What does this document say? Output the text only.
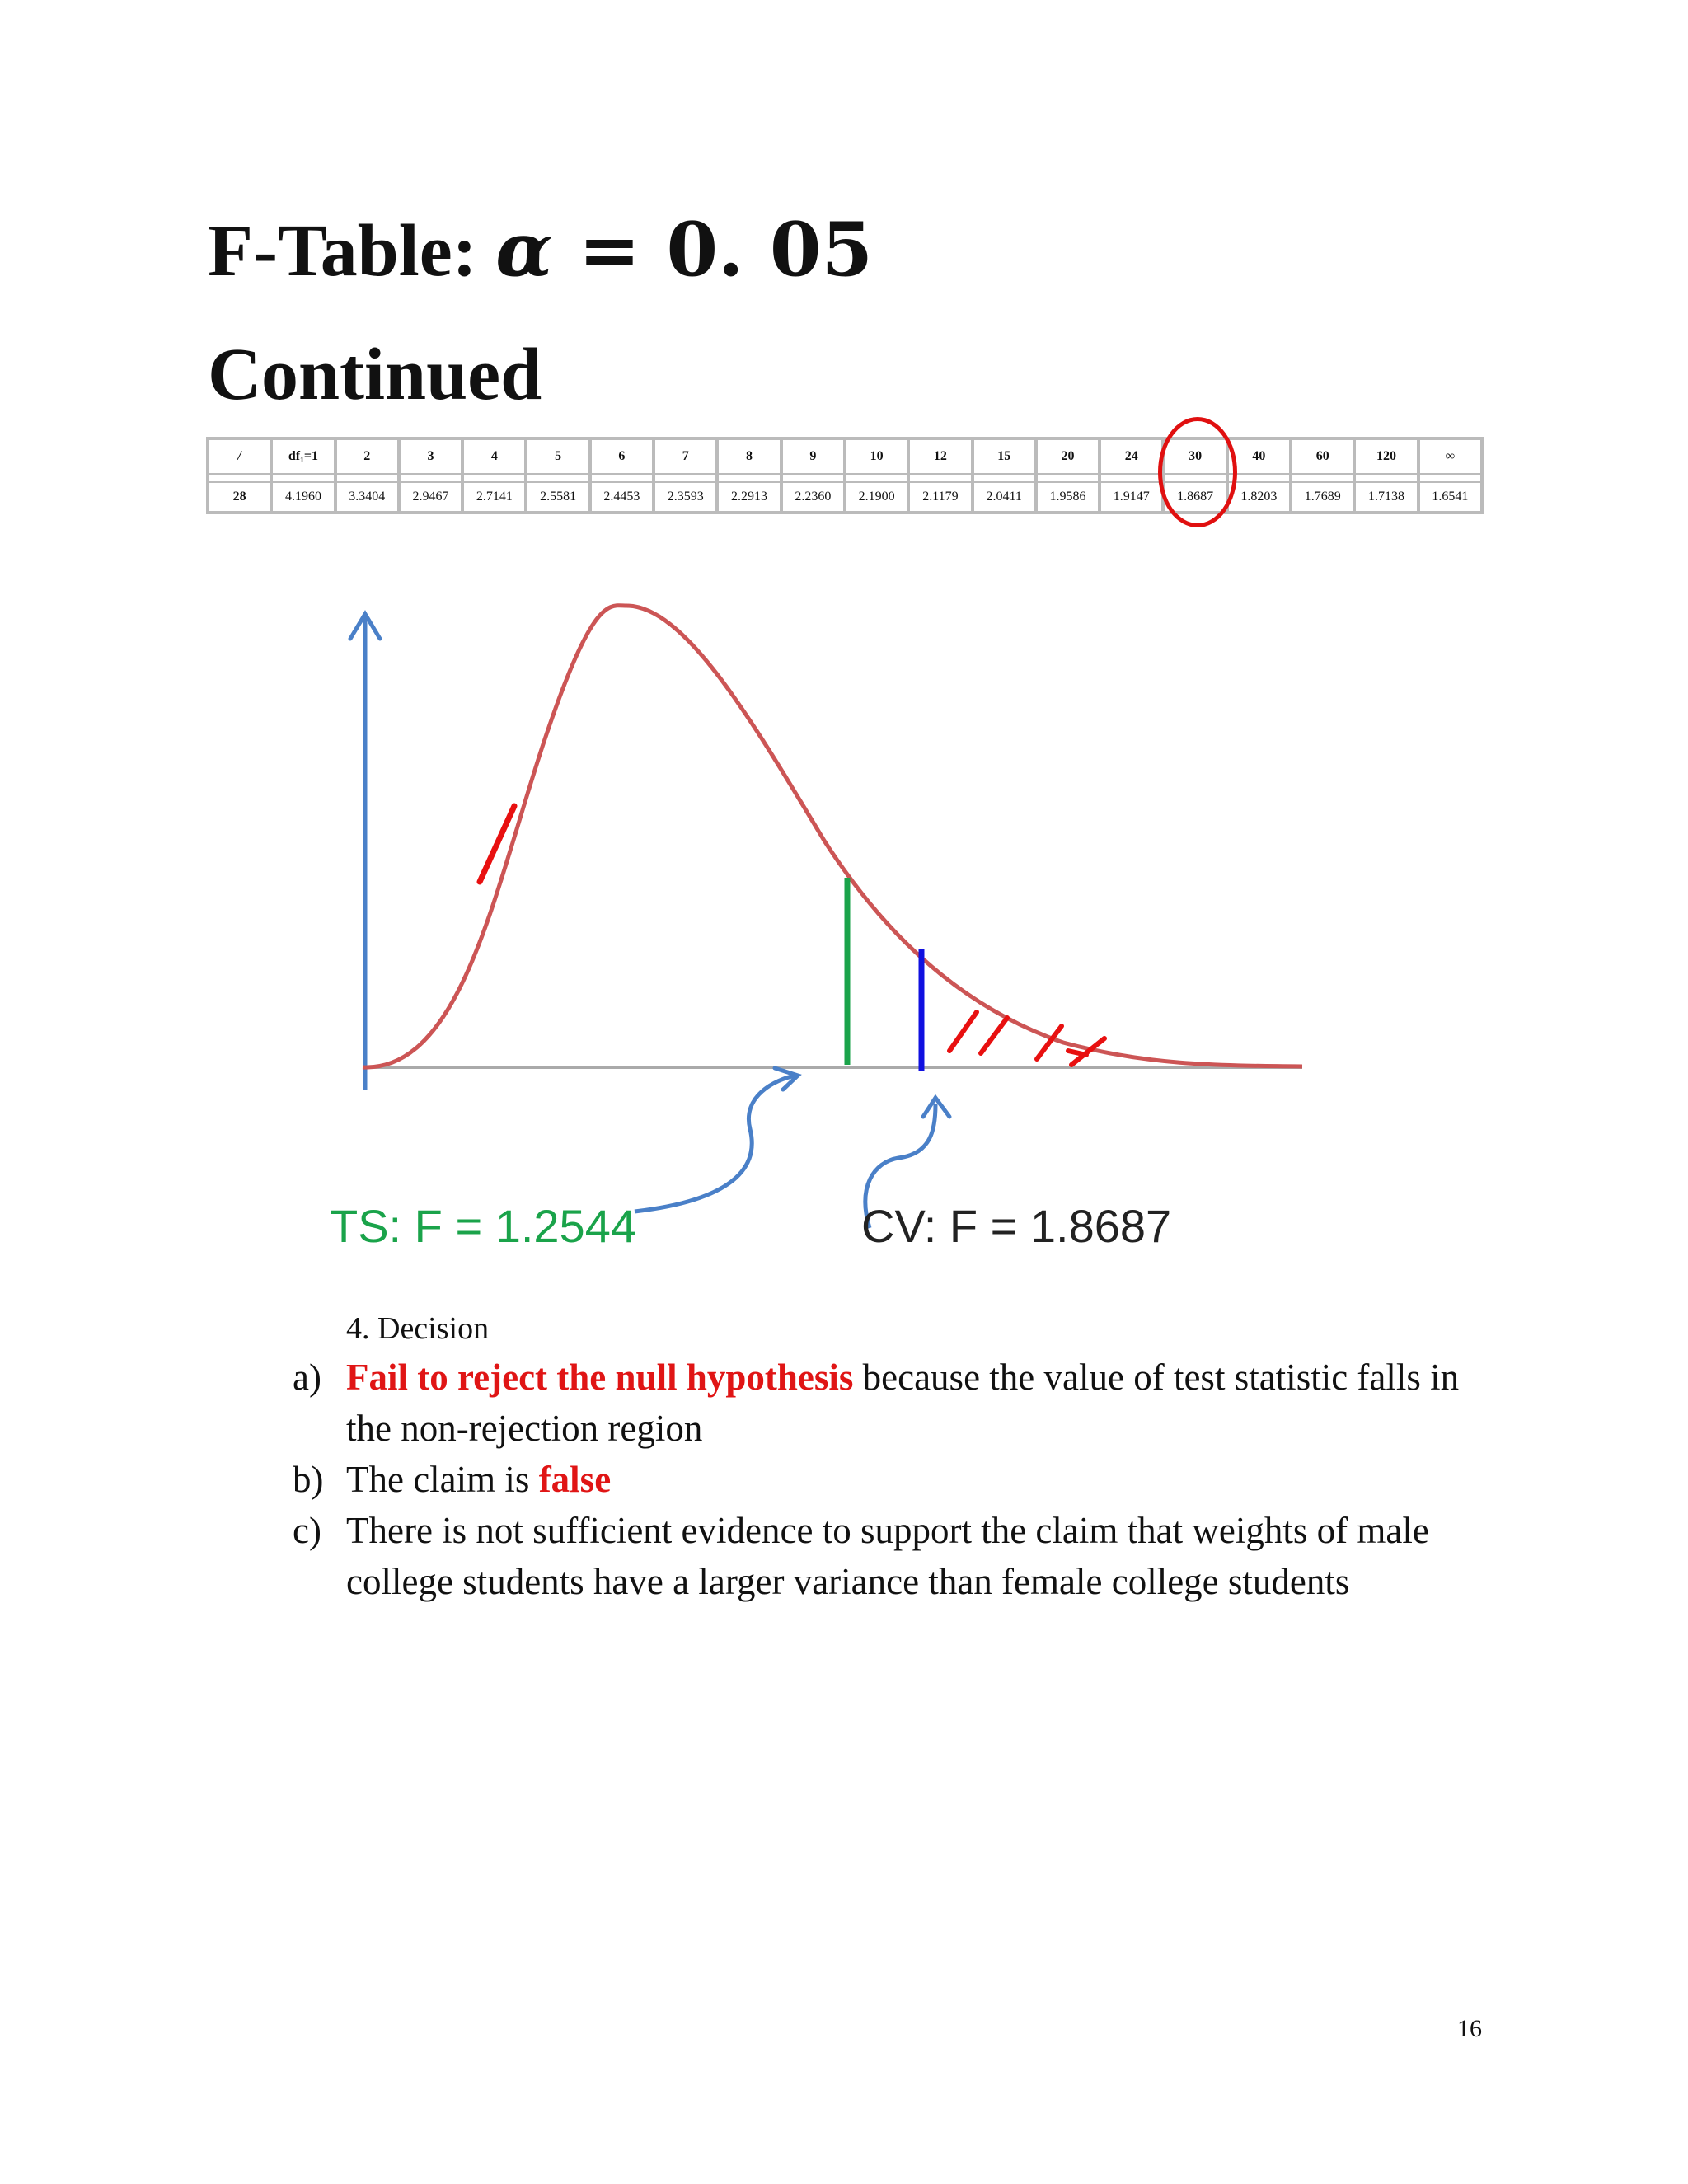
F-Table: α = 0. 05
Continued
/	df₁=1	2	3	4	5	6	7	8	9	10	12	15	20	24	30	40	60	120	∞

28	4.1960	3.3404	2.9467	2.7141	2.5581	2.4453	2.3593	2.2913	2.2360	2.1900	2.1179	2.0411	1.9586	1.9147	1.8687	1.8203	1.7689	1.7138	1.6541
TS: F = 1.2544	CV: F = 1.8687
4. Decision
a) Fail to reject the null hypothesis because the value of test statistic falls in the non-rejection region
b) The claim is false
c) There is not sufficient evidence to support the claim that weights of male college students have a larger variance than female college students
16
